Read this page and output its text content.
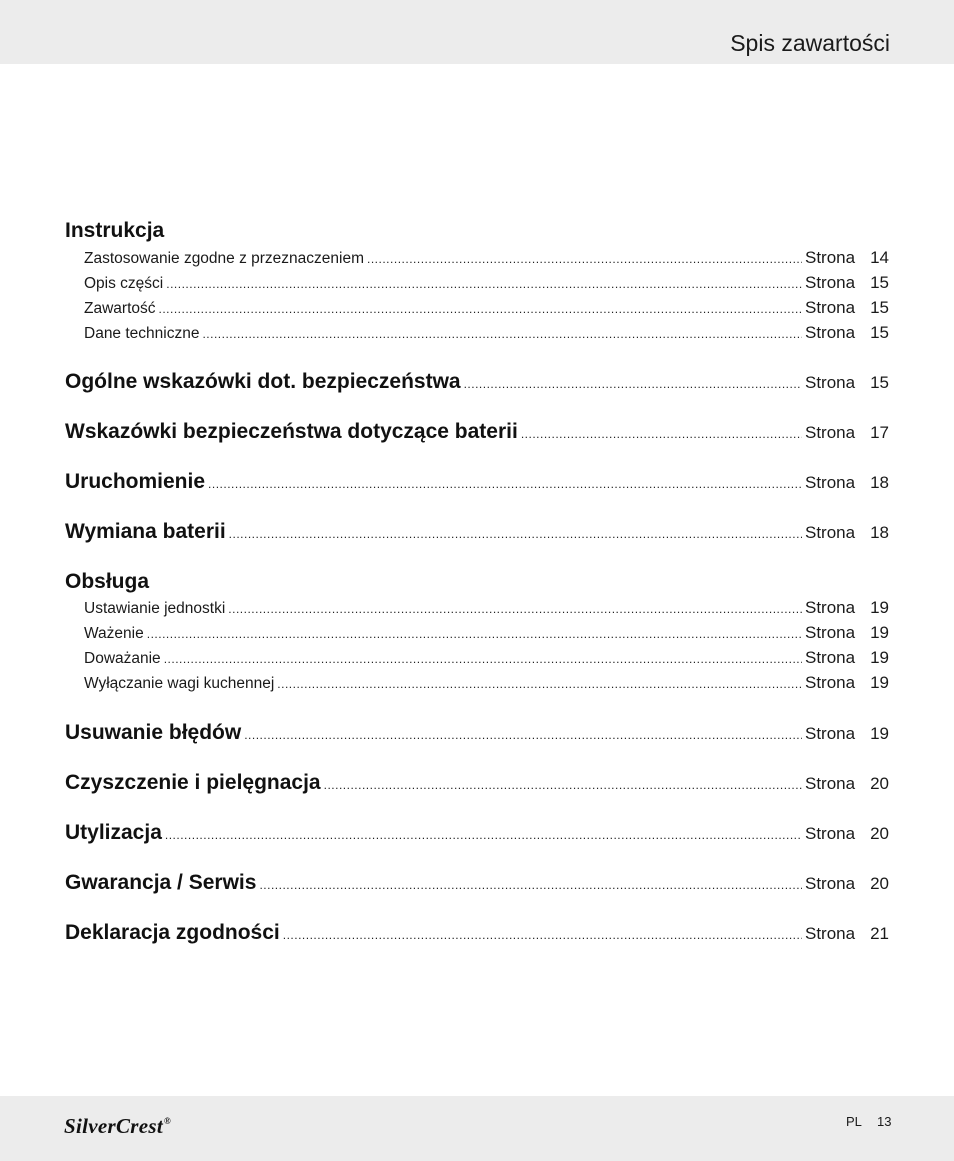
Spis zawartości
Instrukcja
Zastosowanie zgodne z przeznaczeniem .....	Strona 14
Opis części .....	Strona 15
Zawartość .....	Strona 15
Dane techniczne .....	Strona 15
Ogólne wskazówki dot. bezpieczeństwa .....	Strona 15
Wskazówki bezpieczeństwa dotyczące baterii .....	Strona 17
Uruchomienie .....	Strona 18
Wymiana baterii .....	Strona 18
Obsługa
Ustawianie jednostki .....	Strona 19
Ważenie .....	Strona 19
Doważanie .....	Strona 19
Wyłączanie wagi kuchennej .....	Strona 19
Usuwanie błędów .....	Strona 19
Czyszczenie i pielęgnacja .....	Strona 20
Utylizacja .....	Strona 20
Gwarancja / Serwis .....	Strona 20
Deklaracja zgodności .....	Strona 21
SilverCrest®	PL 13
